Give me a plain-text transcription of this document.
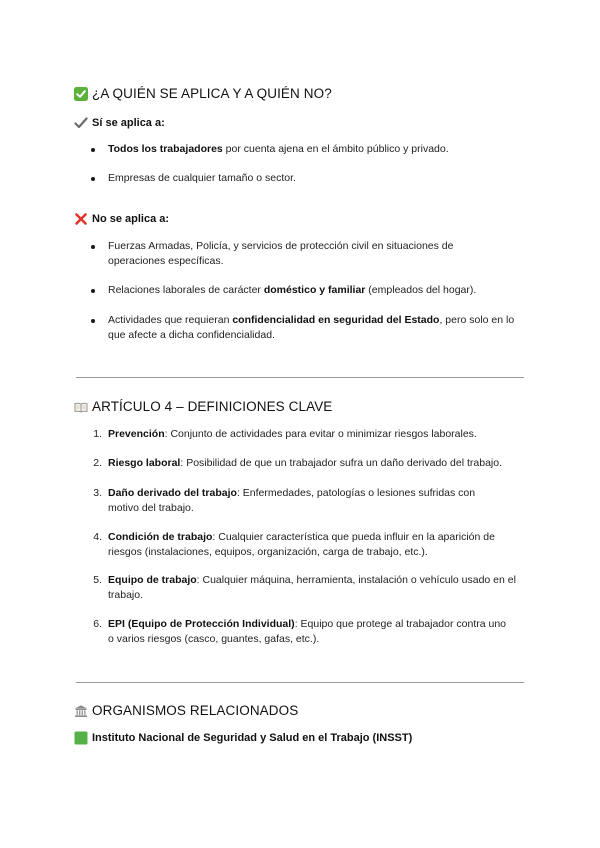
¿A QUIÉN SE APLICA Y A QUIÉN NO?
Sí se aplica a:
Todos los trabajadores por cuenta ajena en el ámbito público y privado.
Empresas de cualquier tamaño o sector.
No se aplica a:
Fuerzas Armadas, Policía, y servicios de protección civil en situaciones de operaciones específicas.
Relaciones laborales de carácter doméstico y familiar (empleados del hogar).
Actividades que requieran confidencialidad en seguridad del Estado, pero solo en lo que afecte a dicha confidencialidad.
ARTÍCULO 4 – DEFINICIONES CLAVE
1. Prevención: Conjunto de actividades para evitar o minimizar riesgos laborales.
2. Riesgo laboral: Posibilidad de que un trabajador sufra un daño derivado del trabajo.
3. Daño derivado del trabajo: Enfermedades, patologías o lesiones sufridas con motivo del trabajo.
4. Condición de trabajo: Cualquier característica que pueda influir en la aparición de riesgos (instalaciones, equipos, organización, carga de trabajo, etc.).
5. Equipo de trabajo: Cualquier máquina, herramienta, instalación o vehículo usado en el trabajo.
6. EPI (Equipo de Protección Individual): Equipo que protege al trabajador contra uno o varios riesgos (casco, guantes, gafas, etc.).
ORGANISMOS RELACIONADOS
Instituto Nacional de Seguridad y Salud en el Trabajo (INSST)
